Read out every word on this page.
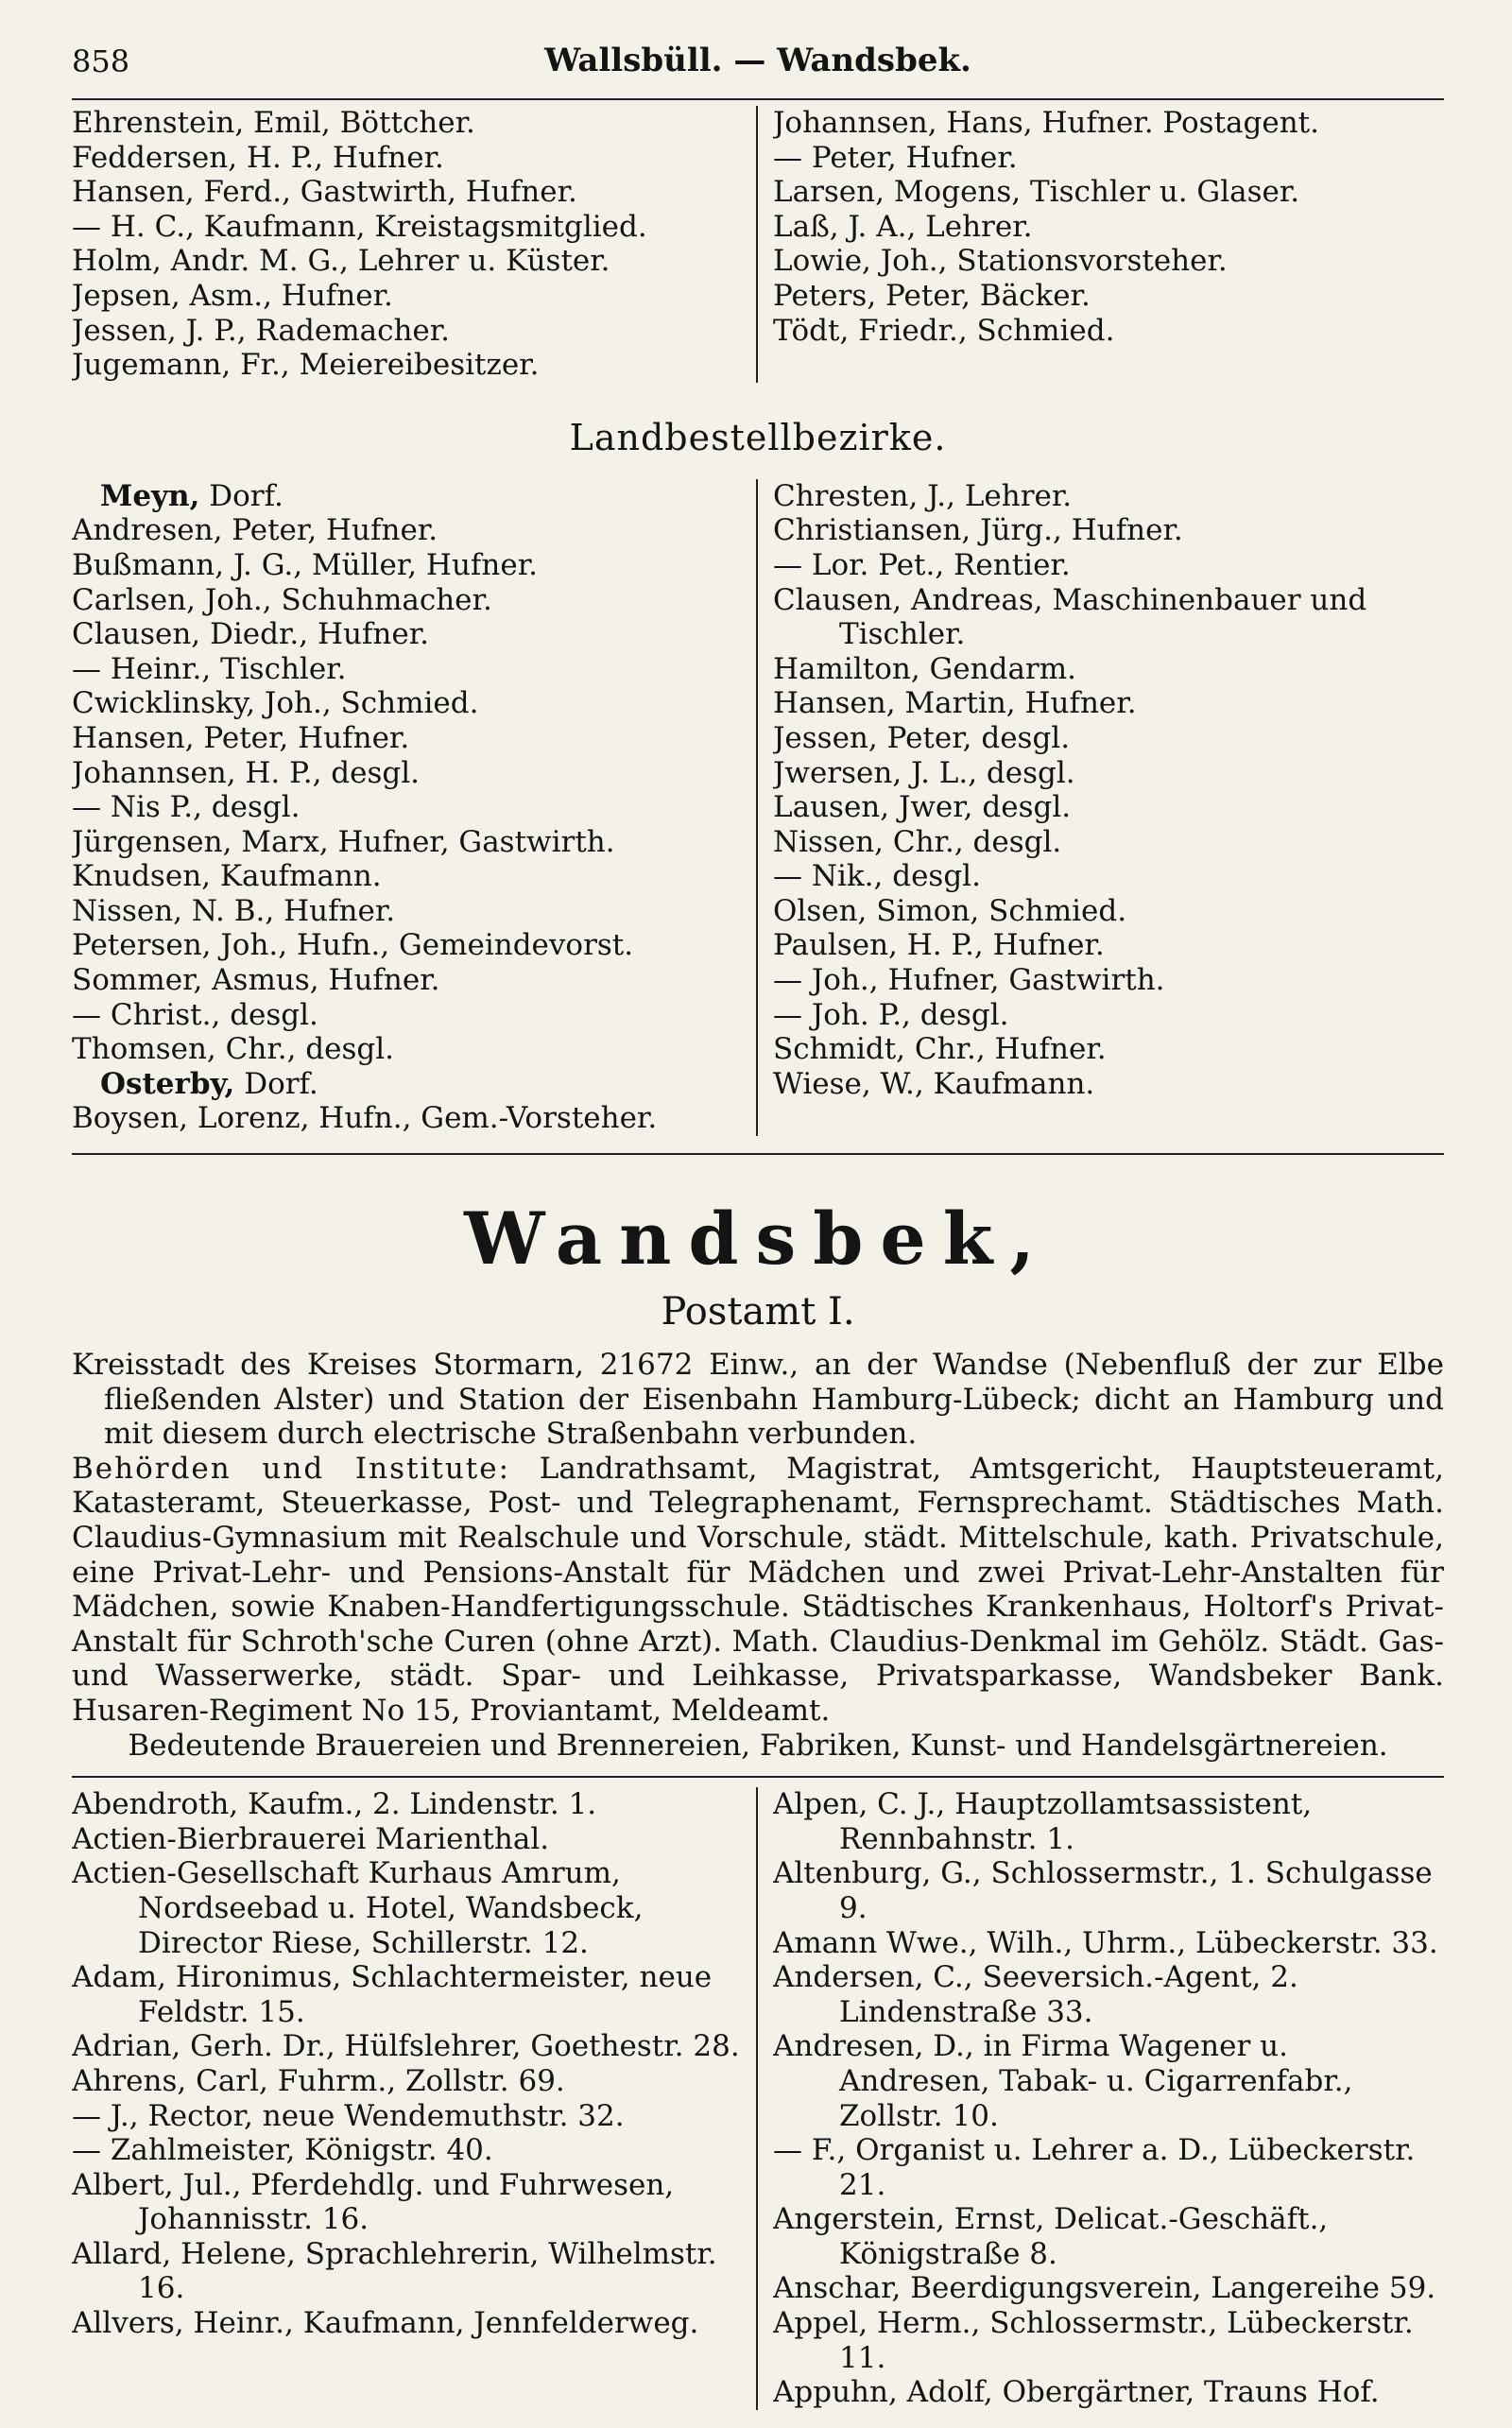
858	Wallsbüll. — Wandsbek.
Ehrenstein, Emil, Böttcher.
Feddersen, H. P., Hufner.
Hansen, Ferd., Gastwirth, Hufner.
— H. C., Kaufmann, Kreistagsmitglied.
Holm, Andr. M. G., Lehrer u. Küster.
Jepsen, Asm., Hufner.
Jessen, J. P., Rademacher.
Jugemann, Fr., Meiereibesitzer.
Johannsen, Hans, Hufner. Postagent.
— Peter, Hufner.
Larsen, Mogens, Tischler u. Glaser.
Laß, J. A., Lehrer.
Lowie, Joh., Stationsvorsteher.
Peters, Peter, Bäcker.
Tödt, Friedr., Schmied.
Landbestellbezirke.
Meyn, Dorf.
Andresen, Peter, Hufner.
Bußmann, J. G., Müller, Hufner.
Carlsen, Joh., Schuhmacher.
Clausen, Diedr., Hufner.
— Heinr., Tischler.
Cwicklinsky, Joh., Schmied.
Hansen, Peter, Hufner.
Johannsen, H. P., desgl.
— Nis P., desgl.
Jürgensen, Marx, Hufner, Gastwirth.
Knudsen, Kaufmann.
Nissen, N. B., Hufner.
Petersen, Joh., Hufn., Gemeindevorst.
Sommer, Asmus, Hufner.
— Christ., desgl.
Thomsen, Chr., desgl.
Osterby, Dorf.
Boysen, Lorenz, Hufn., Gem.-Vorsteher.
Chresten, J., Lehrer.
Christiansen, Jürg., Hufner.
— Lor. Pet., Rentier.
Clausen, Andreas, Maschinenbauer und Tischler.
Hamilton, Gendarm.
Hansen, Martin, Hufner.
Jessen, Peter, desgl.
Jwersen, J. L., desgl.
Lausen, Jwer, desgl.
Nissen, Chr., desgl.
— Nik., desgl.
Olsen, Simon, Schmied.
Paulsen, H. P., Hufner.
— Joh., Hufner, Gastwirth.
— Joh. P., desgl.
Schmidt, Chr., Hufner.
Wiese, W., Kaufmann.
Wandsbek,
Postamt I.

Kreisstadt des Kreises Stormarn, 21672 Einw., an der Wandse (Nebenfluß der zur Elbe fließenden Alster) und Station der Eisenbahn Hamburg-Lübeck; dicht an Hamburg und mit diesem durch electrische Straßenbahn verbunden.

Behörden und Institute: Landrathsamt, Magistrat, Amtsgericht, Hauptsteueramt, Katasteramt, Steuerkasse, Post- und Telegraphenamt, Fernsprechamt. Städtisches Math. Claudius-Gymnasium mit Realschule und Vorschule, städt. Mittelschule, kath. Privatschule, eine Privat-Lehr- und Pensions-Anstalt für Mädchen und zwei Privat-Lehr-Anstalten für Mädchen, sowie Knaben-Handfertigungsschule. Städtisches Krankenhaus, Holtorf's Privat-Anstalt für Schroth'sche Curen (ohne Arzt). Math. Claudius-Denkmal im Gehölz. Städt. Gas- und Wasserwerke, städt. Spar- und Leihkasse, Privatsparkasse, Wandsbeker Bank. Husaren-Regiment No 15, Proviantamt, Meldeamt.

Bedeutende Brauereien und Brennereien, Fabriken, Kunst- und Handelsgärtnereien.

Abendroth, Kaufm., 2. Lindenstr. 1.
Actien-Bierbrauerei Marienthal.
Actien-Gesellschaft Kurhaus Amrum, Nordseebad u. Hotel, Wandsbeck, Director Riese, Schillerstr. 12.
Adam, Hironimus, Schlachtermeister, neue Feldstr. 15.
Adrian, Gerh. Dr., Hülfslehrer, Goethestr. 28.
Ahrens, Carl, Fuhrm., Zollstr. 69.
— J., Rector, neue Wendemuthstr. 32.
— Zahlmeister, Königstr. 40.
Albert, Jul., Pferdehdlg. und Fuhrwesen, Johannisstr. 16.
Allard, Helene, Sprachlehrerin, Wilhelmstr. 16.
Allvers, Heinr., Kaufmann, Jennfelderweg.
Alpen, C. J., Hauptzollamtsassistent, Rennbahnstr. 1.
Altenburg, G., Schlossermstr., 1. Schulgasse 9.
Amann Wwe., Wilh., Uhrm., Lübeckerstr. 33.
Andersen, C., Seeversich.-Agent, 2. Lindenstraße 33.
Andresen, D., in Firma Wagener u. Andresen, Tabak- u. Cigarrenfabr., Zollstr. 10.
— F., Organist u. Lehrer a. D., Lübeckerstr. 21.
Angerstein, Ernst, Delicat.-Geschäft., Königstraße 8.
Anschar, Beerdigungsverein, Langereihe 59.
Appel, Herm., Schlossermstr., Lübeckerstr. 11.
Appuhn, Adolf, Obergärtner, Trauns Hof.
